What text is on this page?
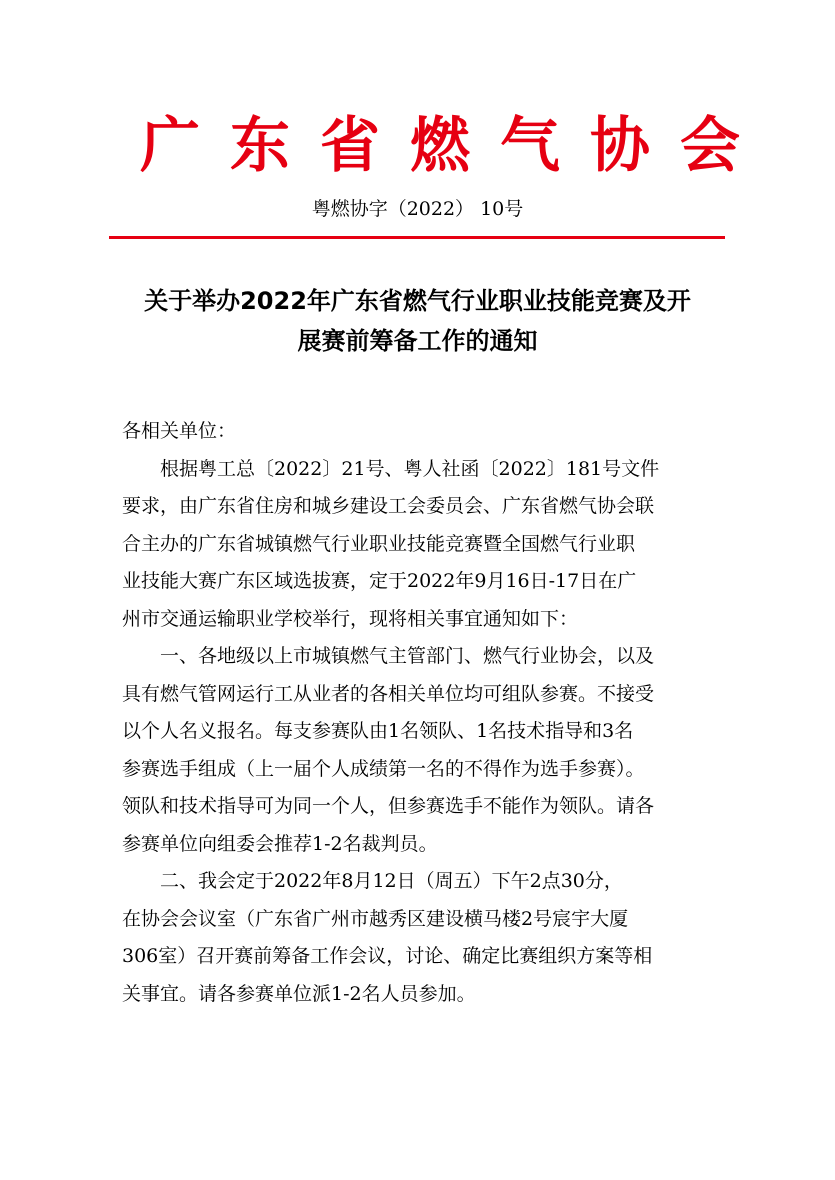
广东省燃气协会
粤燃协字（2022） 10号
关于举办2022年广东省燃气行业职业技能竞赛及开
展赛前筹备工作的通知
各相关单位：
　　根据粤工总〔2022〕21号、粤人社函〔2022〕181号文件
要求，由广东省住房和城乡建设工会委员会、广东省燃气协会联
合主办的广东省城镇燃气行业职业技能竞赛暨全国燃气行业职
业技能大赛广东区域选拔赛，定于2022年9月16日-17日在广
州市交通运输职业学校举行，现将相关事宜通知如下：
　　一、各地级以上市城镇燃气主管部门、燃气行业协会，以及
具有燃气管网运行工从业者的各相关单位均可组队参赛。不接受
以个人名义报名。每支参赛队由1名领队、1名技术指导和3名
参赛选手组成（上一届个人成绩第一名的不得作为选手参赛）。
领队和技术指导可为同一个人，但参赛选手不能作为领队。请各
参赛单位向组委会推荐1-2名裁判员。
　　二、我会定于2022年8月12日（周五）下午2点30分，
在协会会议室（广东省广州市越秀区建设横马楼2号宸宇大厦
306室）召开赛前筹备工作会议，讨论、确定比赛组织方案等相
关事宜。请各参赛单位派1-2名人员参加。
